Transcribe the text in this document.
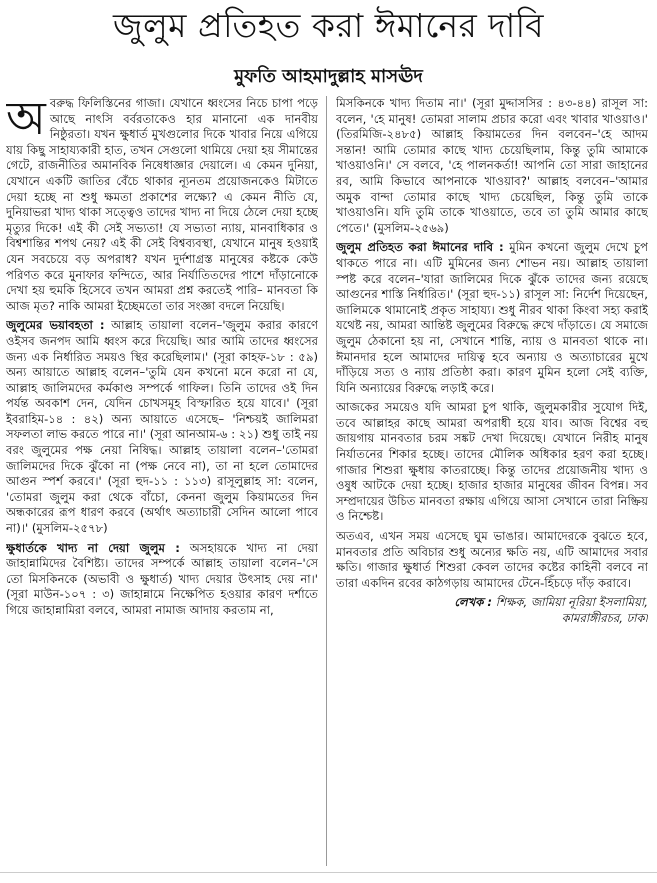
জুলুম প্রতিহত করা ঈমানের দাবি
মুফতি আহমাদুল্লাহ মাসঊদ

অবরুদ্ধ ফিলিস্তিনের গাজা। যেখানে ধ্বংসের নিচে চাপা পড়ে আছে নাৎসি বর্বরতাকেও হার মানানো এক দানবীয় নিষ্ঠুরতা। যখন ক্ষুধার্ত মুখগুলোর দিকে খাবার নিয়ে এগিয়ে যায় কিছু সাহায্যকারী হাত, তখন সেগুলো থামিয়ে দেয়া হয় সীমান্তের গেটে, রাজনীতির অমানবিক নিষেধাজ্ঞার দেয়ালে। এ কেমন দুনিয়া, যেখানে একটি জাতির বেঁচে থাকার ন্যূনতম প্রয়োজনকেও মিটাতে দেয়া হচ্ছে না শুধু ক্ষমতা প্রকাশের লক্ষ্যে? এ কেমন নীতি যে, দুনিয়াভরা খাদ্য থাকা সত্ত্বেও তাদের খাদ্য না দিয়ে ঠেলে দেয়া হচ্ছে মৃত্যুর দিকে! এই কী সেই সভ্যতা! যে সভ্যতা ন্যায়, মানবাধিকার ও বিশ্বশান্তির শপথ নেয়? এই কী সেই বিশ্বব্যবস্থা, যেখানে মানুষ হওয়াই যেন সবচেয়ে বড় অপরাধ? যখন দুর্দশাগ্রস্ত মানুষের কষ্টকে কেউ পরিণত করে মুনাফার ফন্দিতে, আর নির্যাতিতদের পাশে দাঁড়ানোকে দেখা হয় হুমকি হিসেবে তখন আমরা প্রশ্ন করতেই পারি– মানবতা কি আজ মৃত? নাকি আমরা ইচ্ছেমতো তার সংজ্ঞা বদলে নিয়েছি।

জুলুমের ভয়াবহতা : আল্লাহ তায়ালা বলেন–'জুলুম করার কারণে ওইসব জনপদ আমি ধ্বংস করে দিয়েছি। আর আমি তাদের ধ্বংসের জন্য এক নির্ধারিত সময়ও স্থির করেছিলাম।' (সূরা কাহফ-১৮ : ৫৯) অন্য আয়াতে আল্লাহ বলেন–'তুমি যেন কখনো মনে করো না যে, আল্লাহ জালিমদের কর্মকাণ্ড সম্পর্কে গাফিল। তিনি তাদের ওই দিন পর্যন্ত অবকাশ দেন, যেদিন চোখসমূহ বিস্ফারিত হয়ে যাবে।' (সূরা ইবরাহিম-১৪ : ৪২) অন্য আয়াতে এসেছে– 'নিশ্চয়ই জালিমরা সফলতা লাভ করতে পারে না।' (সূরা আনআম-৬ : ২১) শুধু তাই নয় বরং জুলুমের পক্ষ নেয়া নিষিদ্ধ। আল্লাহ তায়ালা বলেন–'তোমরা জালিমদের দিকে ঝুঁকো না (পক্ষ নেবে না), তা না হলে তোমাদের আগুন স্পর্শ করবে।' (সূরা হুদ-১১ : ১১৩) রাসূলুল্লাহ সা: বলেন, 'তোমরা জুলুম করা থেকে বাঁচো, কেননা জুলুম কিয়ামতের দিন অন্ধকারের রূপ ধারণ করবে (অর্থাৎ অত্যাচারী সেদিন আলো পাবে না)।' (মুসলিম-২৫৭৮)

ক্ষুধার্তকে খাদ্য না দেয়া জুলুম : অসহায়কে খাদ্য না দেয়া জাহান্নামিদের বৈশিষ্ট্য। তাদের সম্পর্কে আল্লাহ তায়ালা বলেন–'সে তো মিসকিনকে (অভাবী ও ক্ষুধার্ত) খাদ্য দেয়ার উৎসাহ দেয় না।' (সূরা মাউন-১০৭ : ৩) জাহান্নামে নিক্ষেপিত হওয়ার কারণ দর্শাতে গিয়ে জাহান্নামিরা বলবে, আমরা নামাজ আদায় করতাম না,

মিসকিনকে খাদ্য দিতাম না।' (সূরা মুদ্দাসসির : ৪৩-৪৪) রাসূল সা: বলেন, 'হে মানুষ! তোমরা সালাম প্রচার করো এবং খাবার খাওয়াও।' (তিরমিজি-২৪৮৫) আল্লাহ কিয়ামতের দিন বলবেন–'হে আদম সন্তান! আমি তোমার কাছে খাদ্য চেয়েছিলাম, কিন্তু তুমি আমাকে খাওয়াওনি।' সে বলবে, 'হে পালনকর্তা! আপনি তো সারা জাহানের রব, আমি কিভাবে আপনাকে খাওয়াব?' আল্লাহ বলবেন–'আমার অমুক বান্দা তোমার কাছে খাদ্য চেয়েছিল, কিন্তু তুমি তাকে খাওয়াওনি। যদি তুমি তাকে খাওয়াতে, তবে তা তুমি আমার কাছে পেতে।' (মুসলিম-২৫৬৯)

জুলুম প্রতিহত করা ঈমানের দাবি : মুমিন কখনো জুলুম দেখে চুপ থাকতে পারে না। এটি মুমিনের জন্য শোভন নয়। আল্লাহ তায়ালা স্পষ্ট করে বলেন–'যারা জালিমের দিকে ঝুঁকে তাদের জন্য রয়েছে আগুনের শাস্তি নির্ধারিত।' (সূরা হুদ-১১) রাসূল সা: নির্দেশ দিয়েছেন, জালিমকে থামানোই প্রকৃত সাহায্য। শুধু নীরব থাকা কিংবা সহ্য করাই যথেষ্ট নয়, আমরা আন্তিষ্ট জুলুমের বিরুদ্ধে রুখে দাঁড়াতে। যে সমাজে জুলুম ঠেকানো হয় না, সেখানে শান্তি, ন্যায় ও মানবতা থাকে না। ঈমানদার হলে আমাদের দায়িত্ব হবে অন্যায় ও অত্যাচারের মুখে দাঁড়িয়ে সত্য ও ন্যায় প্রতিষ্ঠা করা। কারণ মুমিন হলো সেই ব্যক্তি, যিনি অন্যায়ের বিরুদ্ধে লড়াই করে।

আজকের সময়েও যদি আমরা চুপ থাকি, জুলুমকারীর সুযোগ দিই, তবে আল্লাহর কাছে আমরা অপরাধী হয়ে যাব। আজ বিশ্বের বহু জায়গায় মানবতার চরম সঙ্কট দেখা দিয়েছে। যেখানে নিরীহ মানুষ নির্যাতনের শিকার হচ্ছে। তাদের মৌলিক অধিকার হরণ করা হচ্ছে। গাজার শিশুরা ক্ষুধায় কাতরাচ্ছে। কিন্তু তাদের প্রয়োজনীয় খাদ্য ও ওষুধ আটকে দেয়া হচ্ছে। হাজার হাজার মানুষের জীবন বিপন্ন। সব সম্প্রদায়ের উচিত মানবতা রক্ষায় এগিয়ে আসা সেখানে তারা নিষ্ক্রিয় ও নিশ্চেষ্ট।

অতএব, এখন সময় এসেছে ঘুম ভাঙার। আমাদেরকে বুঝতে হবে, মানবতার প্রতি অবিচার শুধু অন্যের ক্ষতি নয়, এটি আমাদের সবার ক্ষতি। গাজার ক্ষুধার্ত শিশুরা কেবল তাদের কষ্টের কাহিনী বলবে না তারা একদিন রবের কাঠগড়ায় আমাদের টেনে-হিঁচড়ে দাঁড় করাবে।

লেখক : শিক্ষক, জামিয়া নূরিয়া ইসলামিয়া,
কামরাঙ্গীরচর, ঢাকা
